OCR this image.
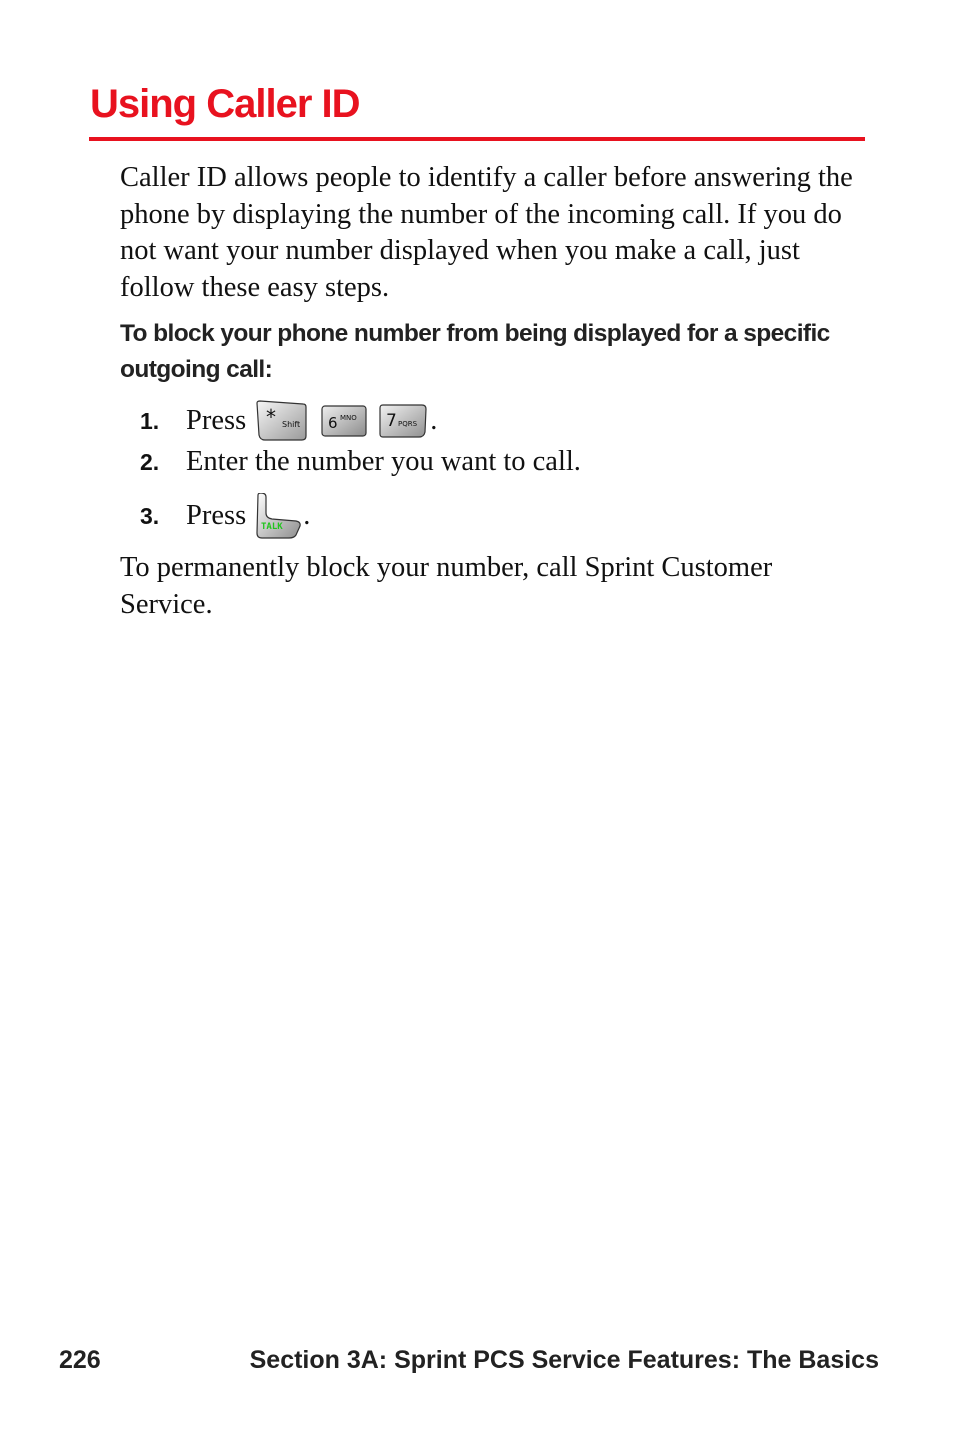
Using Caller ID

Caller ID allows people to identify a caller before answering the phone by displaying the number of the incoming call. If you do not want your number displayed when you make a call, just follow these easy steps.

To block your phone number from being displayed for a specific outgoing call:

1. Press * Shift 6 MNO 7 PQRS .
2. Enter the number you want to call.
3. Press TALK .

To permanently block your number, call Sprint Customer Service.

226	Section 3A: Sprint PCS Service Features: The Basics
